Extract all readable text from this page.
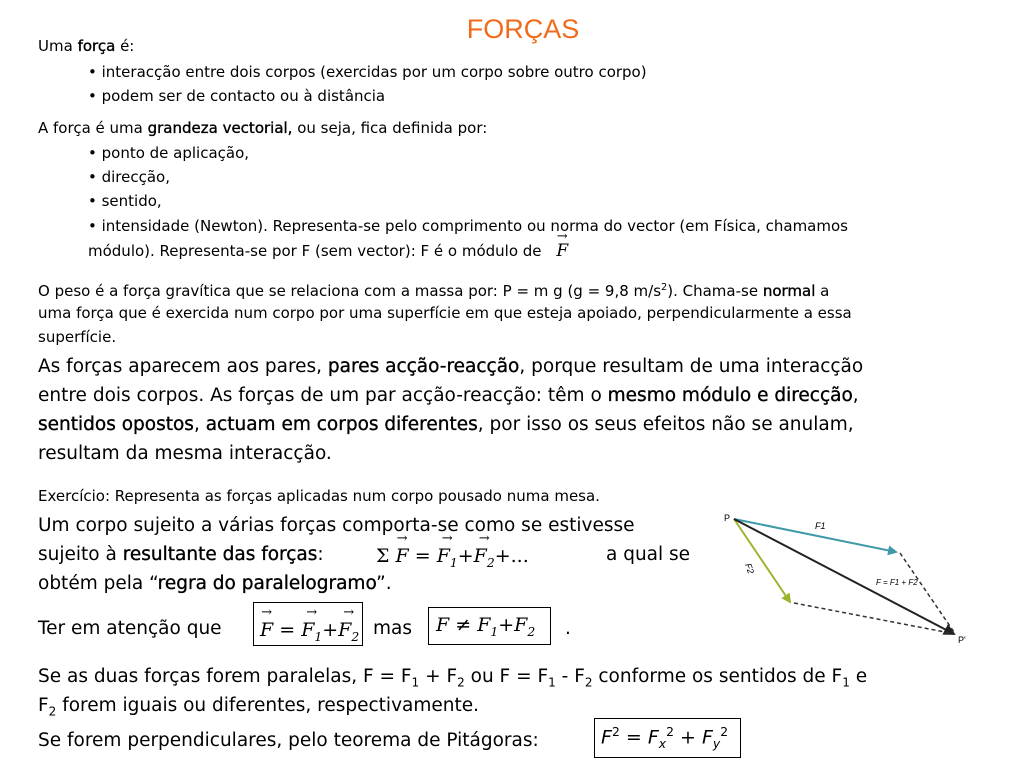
FORÇAS
Uma força é:
• interacção entre dois corpos (exercidas por um corpo sobre outro corpo)
• podem ser de contacto ou à distância
A força é uma grandeza vectorial, ou seja, fica definida por:
• ponto de aplicação,
• direcção,
• sentido,
• intensidade (Newton). Representa-se pelo comprimento ou norma do vector (em Física, chamamos
módulo). Representa-se por F (sem vector): F é o módulo de → F
O peso é a força gravítica que se relaciona com a massa por: P = m g (g = 9,8 $m/s^2$). Chama-se normal a
uma força que é exercida num corpo por uma superfície em que esteja apoiado, perpendicularmente a essa
superfície.
As forças aparecem aos pares, pares acção-reacção, porque resultam de uma interacção
entre dois corpos. As forças de um par acção-reacção: têm o mesmo módulo e direcção,
sentidos opostos, actuam em corpos diferentes, por isso os seus efeitos não se anulam,
resultam da mesma interacção.
Exercício: Representa as forças aplicadas num corpo pousado numa mesa.
Um corpo sujeito a várias forças comporta-se como se estivesse
sujeito à resultante das forças:	Σ → F = → $F_1+\to F_2+$...	a qual se
obtém pela “regra do paralelogramo”.
Ter em atenção que → F = → $F_1+\to F_2$ mas $F \ne F_1+F_2$ .
Se as duas forças forem paralelas, $F = F_1 + F_2$ ou $F = F_1 - F_2$ conforme os sentidos de $F_1$ e
$F_2$ forem iguais ou diferentes, respectivamente.
Se forem perpendiculares, pelo teorema de Pitágoras:	$F^2 = F_x^2 + F_y^2$
P
P'
F1
F2
F = F1 + F2
